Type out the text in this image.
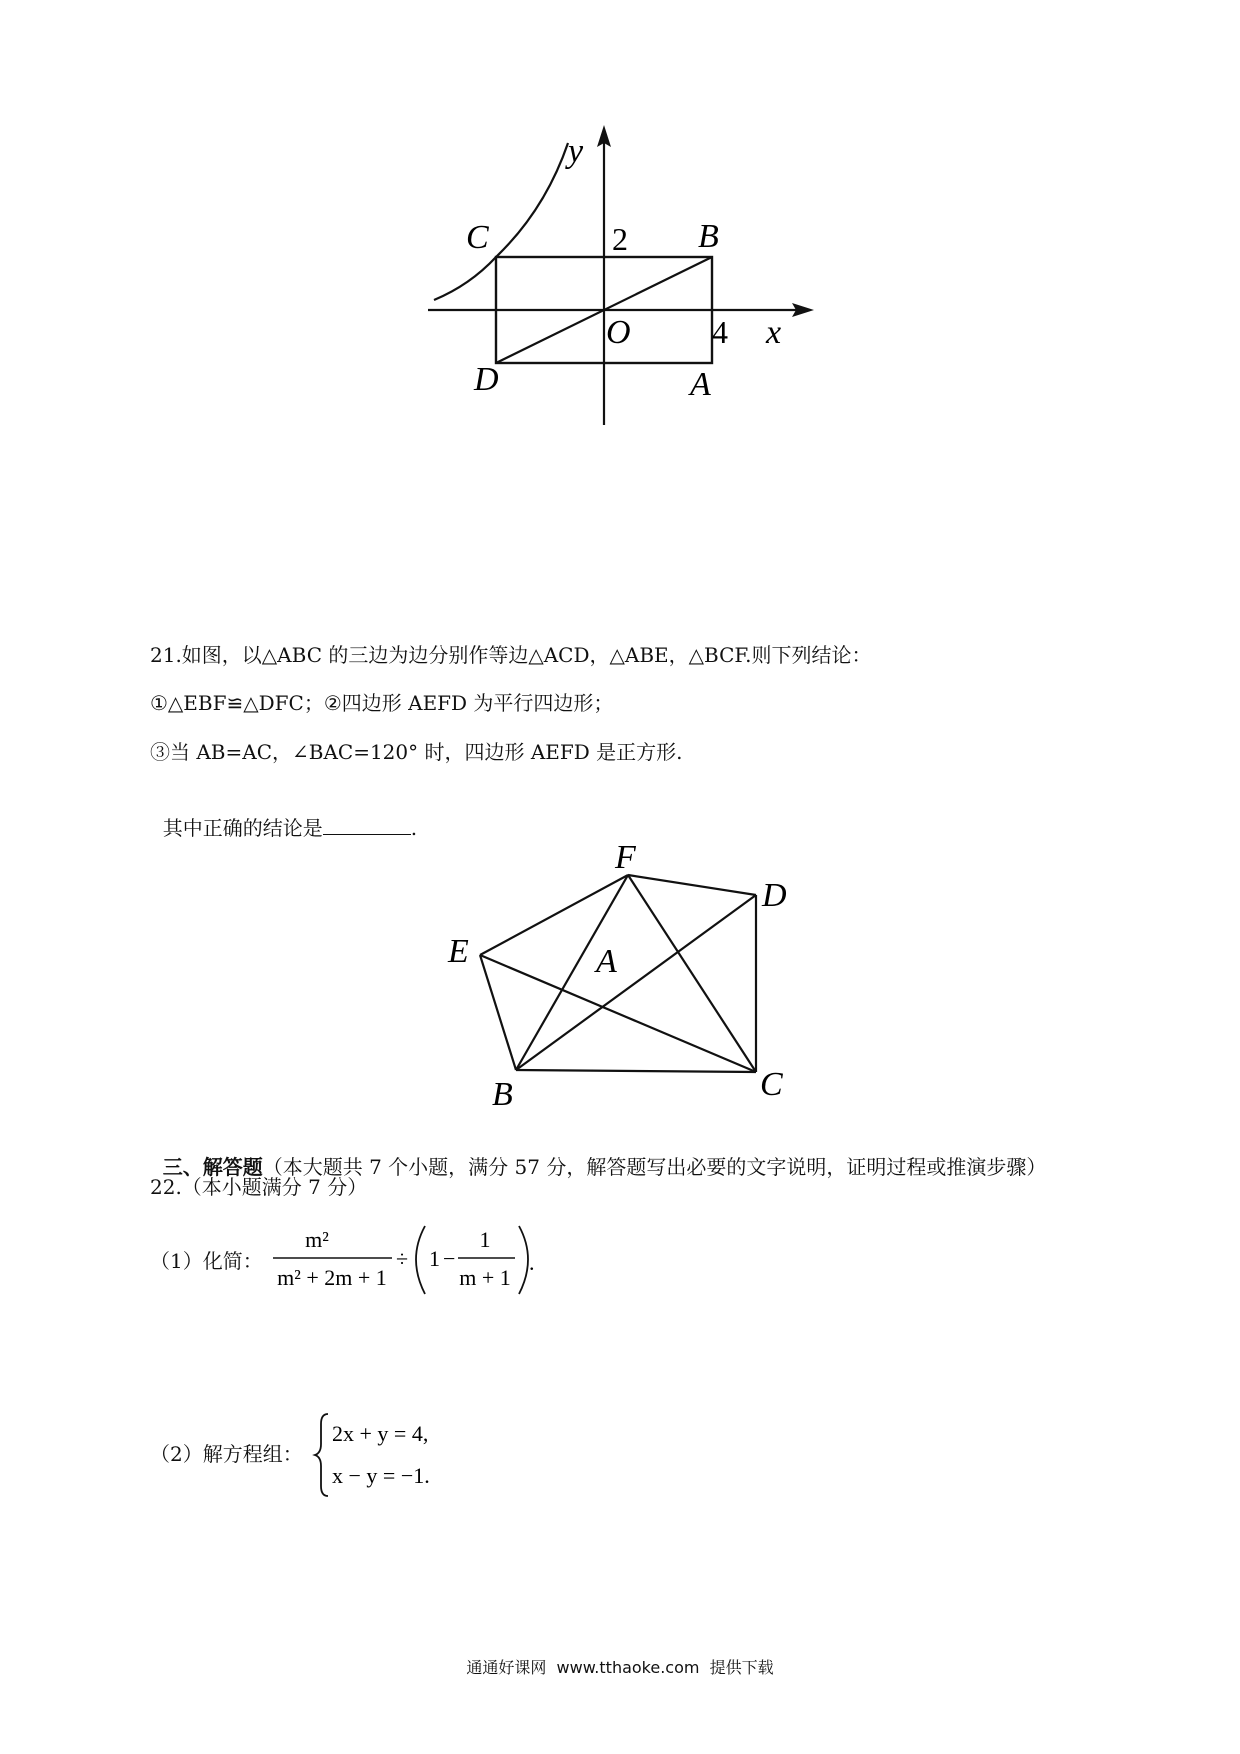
y
C	2 B
O	4 x
D	A
21.如图，以△ABC 的三边为边分别作等边△ACD，△ABE，△BCF.则下列结论：
①△EBF≌△DFC；②四边形 AEFD 为平行四边形；
③当 AB=AC，∠BAC=120° 时，四边形 AEFD 是正方形.

其中正确的结论是	.

F
D
E	A
B	C

三、解答题（本大题共 7 个小题，满分 57 分，解答题写出必要的文字说明，证明过程或推演步骤）

22.（本小题满分 7 分）
（1）化简：
m²
m² + 2m + 1
÷ 1 −
1
m + 1
.
（2）解方程组：
2x + y = 4,
x − y = −1.
通通好课网  www.tthaoke.com  提供下载
